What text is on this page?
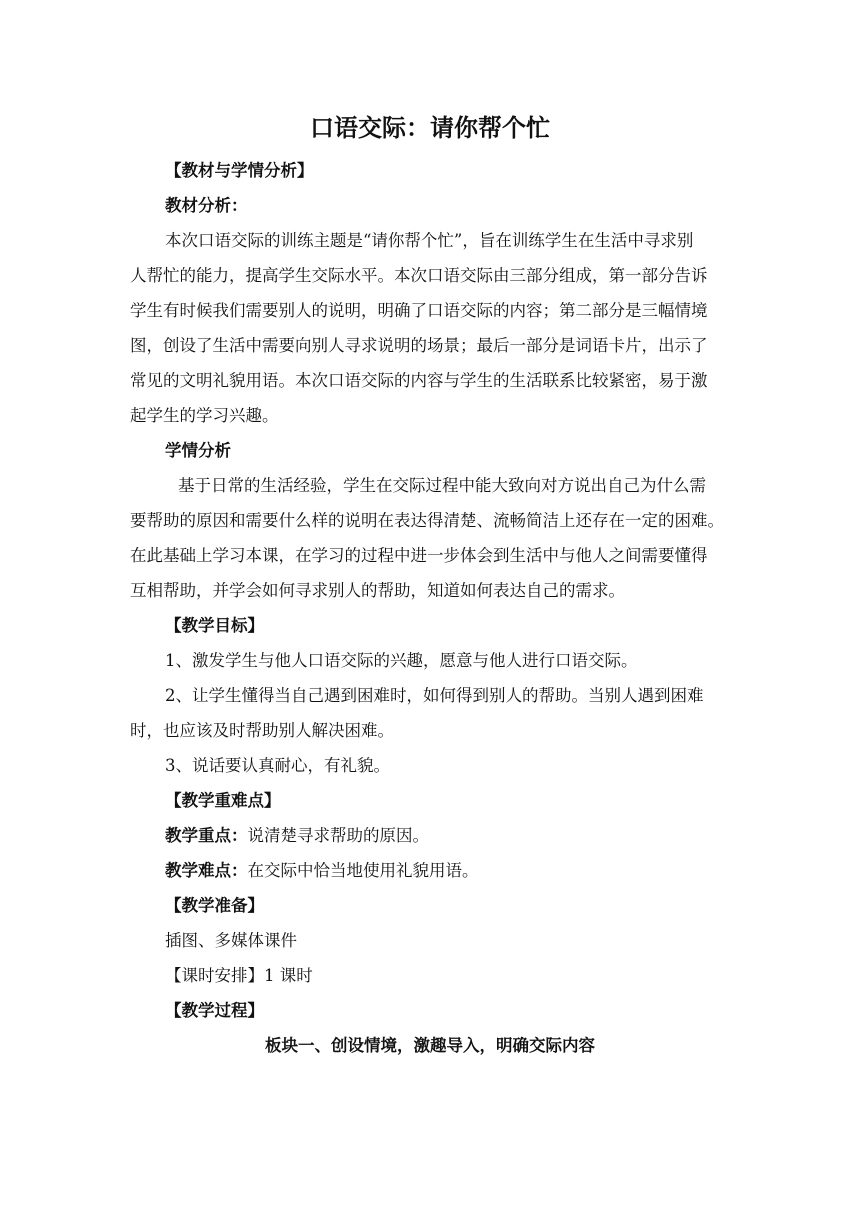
口语交际：请你帮个忙

【教材与学情分析】

教材分析：

本次口语交际的训练主题是“请你帮个忙”，旨在训练学生在生活中寻求别

人帮忙的能力，提高学生交际水平。本次口语交际由三部分组成，第一部分告诉

学生有时候我们需要别人的说明，明确了口语交际的内容；第二部分是三幅情境

图，创设了生活中需要向别人寻求说明的场景；最后一部分是词语卡片，出示了

常见的文明礼貌用语。本次口语交际的内容与学生的生活联系比较紧密，易于激

起学生的学习兴趣。

学情分析

基于日常的生活经验，学生在交际过程中能大致向对方说出自己为什么需

要帮助的原因和需要什么样的说明在表达得清楚、流畅简洁上还存在一定的困难。

在此基础上学习本课，在学习的过程中进一步体会到生活中与他人之间需要懂得

互相帮助，并学会如何寻求别人的帮助，知道如何表达自己的需求。

【教学目标】

1、激发学生与他人口语交际的兴趣，愿意与他人进行口语交际。

2、让学生懂得当自己遇到困难时，如何得到别人的帮助。当别人遇到困难

时，也应该及时帮助别人解决困难。

3、说话要认真耐心，有礼貌。

【教学重难点】

教学重点：说清楚寻求帮助的原因。

教学难点：在交际中恰当地使用礼貌用语。

【教学准备】

插图、多媒体课件

【课时安排】1 课时

【教学过程】

板块一、创设情境，激趣导入，明确交际内容
